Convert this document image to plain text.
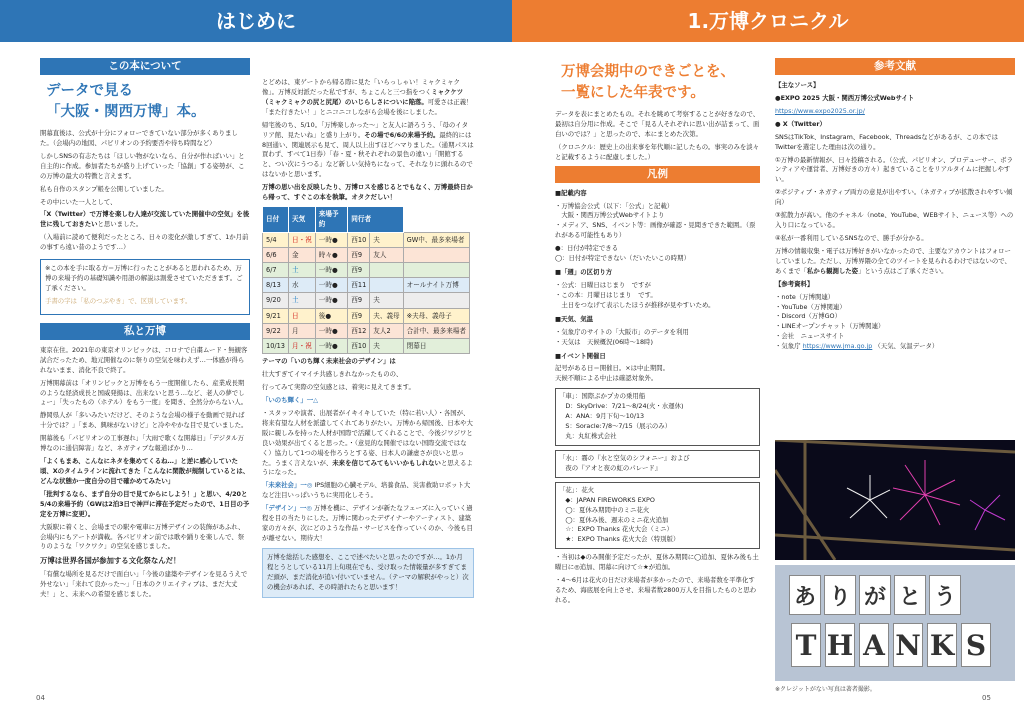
はじめに	1.万博クロニクル
この本について
データで見る
「大阪・関西万博」本。

開幕直後は、公式が十分にフォローできていない部分が多くありました。（会場内の地図、パビリオンの予約要否や待ち時間など）

しかしSNSの有志たちは「ほしい物がないなら、自分が作ればいい」と自主的に作成。参加者たちが盛り上げていった「協創」する姿勢が、この万博の最大の特徴と言えます。

私も自作のスタンプ帳を公開していました。

その中にいた一人として、

「X（Twitter）で万博を楽しむ人達が交流していた開催中の空気」を後世に残しておきたいと思いました。

（入場前に読めて便利だったところ、日々の変化が激しすぎて、1か月前の事すら遠い昔のようです…）

※この本を手に取る方＝万博に行ったことがあると思われるため、万博の来場予約の基礎知識や用語の解説は割愛させていただきます。ご了承ください。

手書の字は「私のつぶやき」で、区別しています。

私と万博

東京在住。2021年の東京オリンピックは、コロナで自粛ムード・無観客試合だったため、地元開催なのに祭りの空気を味わえず…一体感が得られないまま、消化不良で終了。

万博開幕前は「オリンピックと万博をもう一度開催したら、産業成長期のような経済成長と国威発揚は、出来ないと思う…など、老人の夢でしょー」「失ったもの（ホテル）をもう一度」を聞き、全然分からない人。

静岡県人が「多いみたいだけど、そのような会場の様子を動画で見れば十分では？」「まあ、興味がないけど」と冷ややかな目で見ていました。

開幕後も「パビリオンの工事遅れ」「大雨で歌くな開幕日」「デジタル万博なのに通信障害」など、ネガティブな報道ばかり…

「よくもまあ、こんなにネタを集めてくるね…」と逆に感心していた頃、Xのタイムラインに流れてきた「こんなに閑散が規制しているとは、どんな状態か一度自分の目で確かめてみたい」

「批判するなら、まず自分の目で見てからにしよう！」と思い、4/20と5/4の来場予約（GWは2泊3日で神戸に滞在予定だったので、1日目の予定を万博に変更）。

大阪駅に着くと、会場までの駅や電車に万博デザインの装飾があふれ、会場内にもアートが満載。各パビリオン前では歌や踊りを楽しんで、祭りのような「ワクワク」の空気を感じました。

万博は世界各国が参加する文化祭なんだ！

「有償な場所を見るだけで面白い」「今後の建築やデザインを見るうえで外せない」「来れて良かった～」「日本のクリエイティブは、まだ大丈夫！」と、未来への希望を感じました。

とどめは、東ゲートから帰る際に見た「いらっしゃい！ミャクミャク像」。万博反対派だった私ですが、ちょこんと三つ指をつくミャクケツ（ミャクミャクの尻と尻尾）のいじらしさについに陥落。可愛さは正義！「また行きたい！」とニコニコしながら会場を後にしました。

帰宅後のち、5/10。「万博楽しかった～」と友人に語ろうう、「母のイタリア館、見たいね」と盛り上がり。その場で6/6の来場予約。最終的には8回通い、関連展示も見て、周人以上出すほどハマりました。（通期パスは買わず、すべて1日券）「春・夏・秋それぞれの景色の違い」「開館すると、つい次にうつる」など新しい気持ちになって、それなりに頭れるのではないかと思います。

万博の思い出を反映したり、万博ロスを感じるとでもなく、万博最終日から帰って、すぐこの本を執筆。オタクだしい！

日付	天気	来場予約	同行者		
5/4	日・祝	一時●	西10	夫	GW中、最多来場者
6/6	金	時々●	西9	友人	
6/7	土	一時●	西9		
8/13	水	一時●	西11		オールナイト万博
9/20	土	一時●	西9	夫	
9/21	日	後●	西9	夫、義母	※夫母、義母子
9/22	月	一時●	西12	友人2	合計中、最多来場者
10/13	月・祝	一時●	西10	夫	閉幕日

テーマの「いのち輝く未来社会のデザイン」は

壮大すぎてイマイチ共感しきれなかったものの、

行ってみて実際の空気感とは、着実に見えてきます。

「いのち輝く」一△

・スタッフや演者、出展者がイキイキしていた（特に若い人）・各国が、将来有望な人材を派遣してくれてありがたい。万博から帰国後、日本や大阪に親しみを持った人材が国際で活躍してくれることで、今後ジワジワと良い効果が出てくると思った。・（意見的な開催ではない国際交流ではなく）協力して1つの場を作ろうとする姿、日本人の謙虚さが良いと思った。うまく言えないが、未来を信じてみてもいいかもしれないと思えるようになった。

「未来社会」一◎ IPS細胞の心臓モデル、培養食品、災害救助ロボット大など注目いっぱいうちに実用化しそう。

「デザイン」一◎ 万博を機に、デザインが新たなフェーズに入っていく過程を目の当たりにした。万博に関わったデザイナーやアーティスト、建築家の方々が、次にどのような作品・サービスを作っていくのか、今後も目が離せない。期待大！

万博を総括した感想を、ここで述べたいと思ったのですが…。1か月程とうとしている11月上旬現在でも、受け取った情報量が多すぎてまだ頭が、まだ消化が追い付いていません。（テーマの解釈がやっと）次の機会があれば、その時語れたらと思います！
万博会期中のできごとを、
一覧にした年表です。

データを表にまとめたもの。それを眺めて考察することが好きなので、最初は自分用に作成。そこで「見る人それぞれに思い出が詰まって、面白いのでは？」と思ったので、本にまとめた次第。

（クロニクル：歴史上の出来事を年代順に記したもの。事実のみを淡々と記載するように配慮しました。）

凡例

■記載内容

・万博協会公式（以下：「公式」と記載）
　大阪・関西万博公式Webサイトより
・メディア、SNS、イベント等：画像が確認・見聞きできた範囲。（票れがある可能性もあり）
●：日付が特定できる
◯：日付が特定できない（だいたいこの時期）

■「週」の区切り方

・公式：日曜日はじまり　ですが
・この本：月曜日はじまり　です。
　土日をつなげて表示したほうが推移が見やすいため。

■天気、気温

・気象庁のサイトの「大阪市」のデータを利用
・天気は　天候概況(06時～18時)

■イベント開催日

記号がある日＝開催日。×は中止期間。
天候不順による中止は確認対象外。
「車」：国際ぷかプカの乗用船
　D：SkyDrive：7/21～8/24(火・水運休)
　A：ANA：9月下旬～10/13
　S：Soracle:7/8～7/15（展示のみ）
　丸：丸紅株式会社
「水」：霧の『水と空気のシフォニー』および
　夜の『アオと夜の虹のパレード』
「花」：花火
　◆：JAPAN FIREWORKS EXPO
　◯：夏休み期間中のミニ花火
　◯：夏休み後、週末のミニ花火追加
　☆：EXPO Thanks 花火大会（ミニ）
　★：EXPO Thanks 花火大会（特別版）

・当初は◆のみ開催予定だったが、夏休み期間に◯追加、夏休み後も土曜日に◎追加、閉幕に向けて☆★が追加。

・4～6月は花火の日だけ来場者が多かったので、来場者数を平準化するため、海底展を向上させ、来場者数2800万人を目指したものと思われる。

参考文献

【主なソース】

●EXPO 2025 大阪・関西万博公式Webサイト

https://www.expo2025.or.jp/

● X（Twitter）

SNSはTikTok、Instagram、Facebook、Threadsなどがあるが、この本ではTwitterを選定した理由は次の通り。

①万博の最新情報が、日々投稿される。（公式、パビリオン、プロデューサー、ボランティアや運営者、万博好きの方々）起きていることをリアルタイムに把握しやすい。

②ポジティブ・ネガティブ両方の意見が出やすい。（ネガティブが拡散されやすい傾向）

③拡散力が高い。他のチャネル（note、YouTube、WEBサイト、ニュース等）への入り口になっている。

④私が一番利用しているSNSなので、勝手が分かる。

万博の情報収集・電子は万博好きがいなかったので、主要なアカウントはフォローしていました。ただし、万博界隈の全てのツイートを見られるわけではないので、あくまで「私から観測した姿」という点はご了承ください。

【参考資料】

・note（万博関連）
・YouTube（万博関連）
・Discord（万博GO）
・LINEオープンチャット（万博関連）
・会社　ニュースサイト

・気象庁 https://www.jma.go.jp （天気、気温データ）

あ り が と う
T H A N K S
※クレジットがない写真は著者撮影。
04	05
